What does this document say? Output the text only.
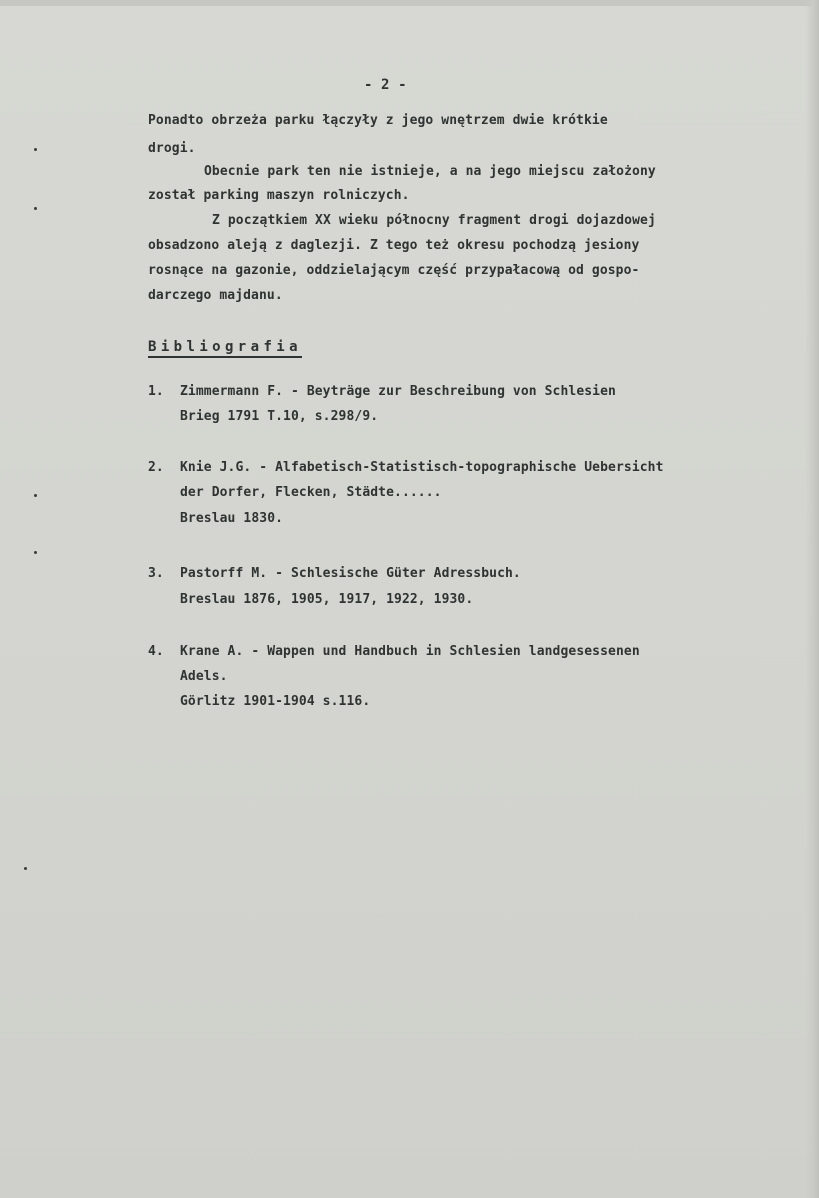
- 2 -
Ponadto obrzeża parku łączyły z jego wnętrzem dwie krótkie
drogi.
Obecnie park ten nie istnieje, a na jego miejscu założony
został parking maszyn rolniczych.
Z początkiem XX wieku północny fragment drogi dojazdowej
obsadzono aleją z daglezji. Z tego też okresu pochodzą jesiony
rosnące na gazonie, oddzielającym część przypałacową od gospo-
darczego majdanu.
Bibliografia
1. Zimmermann F. - Beyträge zur Beschreibung von Schlesien
Brieg 1791 T.10, s.298/9.
2. Knie J.G. - Alfabetisch-Statistisch-topographische Uebersicht
der Dorfer, Flecken, Städte......
Breslau 1830.
3. Pastorff M. - Schlesische Güter Adressbuch.
Breslau 1876, 1905, 1917, 1922, 1930.
4. Krane A. - Wappen und Handbuch in Schlesien landgesessenen
Adels.
Görlitz 1901-1904 s.116.
